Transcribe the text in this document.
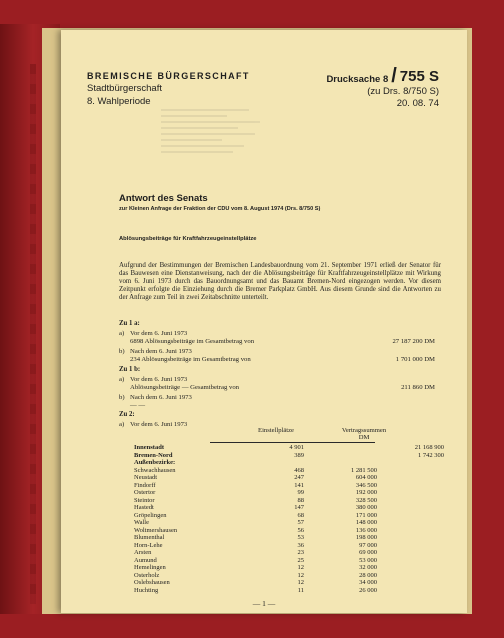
BREMISCHE BÜRGERSCHAFT
Stadtbürgerschaft
8. Wahlperiode
Drucksache 8 / 755 S
(zu Drs. 8/750 S)
20. 08. 74
Antwort des Senats
zur Kleinen Anfrage der Fraktion der CDU vom 8. August 1974 (Drs. 8/750 S)
Ablösungsbeiträge für Kraftfahrzeugeinstellplätze
Aufgrund der Bestimmungen der Bremischen Landesbauordnung vom 21. September 1971 erließ der Senator für das Bauwesen eine Dienstanweisung, nach der die Ablösungsbeiträge für Kraftfahrzeugeinstellplätze mit Wirkung vom 6. Juni 1973 durch das Bauordnungsamt und das Bauamt Bremen-Nord eingezogen werden. Vor diesem Zeitpunkt erfolgte die Einziehung durch die Bremer Parkplatz GmbH. Aus diesem Grunde sind die Antworten zu der Anfrage zum Teil in zwei Zeitabschnitte unterteilt.
Zu 1 a:
a) Vor dem 6. Juni 1973
6898 Ablösungsbeiträge im Gesamtbetrag von	27 187 200 DM
b) Nach dem 6. Juni 1973
234 Ablösungsbeiträge im Gesamtbetrag von	1 701 000 DM
Zu 1 b:
a) Vor dem 6. Juni 1973
Ablösungsbeiträge — Gesamtbetrag von	211 860 DM
b) Nach dem 6. Juni 1973
— —
Zu 2:
a) Vor dem 6. Juni 1973
Einstellplätze	Vertragssummen
DM
Innenstadt	4 901	21 168 900
Bremen-Nord	389	1 742 300
Außenbezirke:
Schwachhausen	468	1 281 500
Neustadt	247	604 000
Findorff	141	346 500
Ostertor	99	192 000
Steintor	88	328 500
Hastedt	147	380 000
Gröpelingen	68	171 000
Walle	57	148 000
Woltmershausen	56	136 000
Blumenthal	53	198 000
Horn-Lehe	36	97 000
Arsten	23	69 000
Aumund	25	53 000
Hemelingen	12	32 000
Osterholz	12	28 000
Oslebshausen	12	34 000
Huchting	11	26 000
— 1 —
